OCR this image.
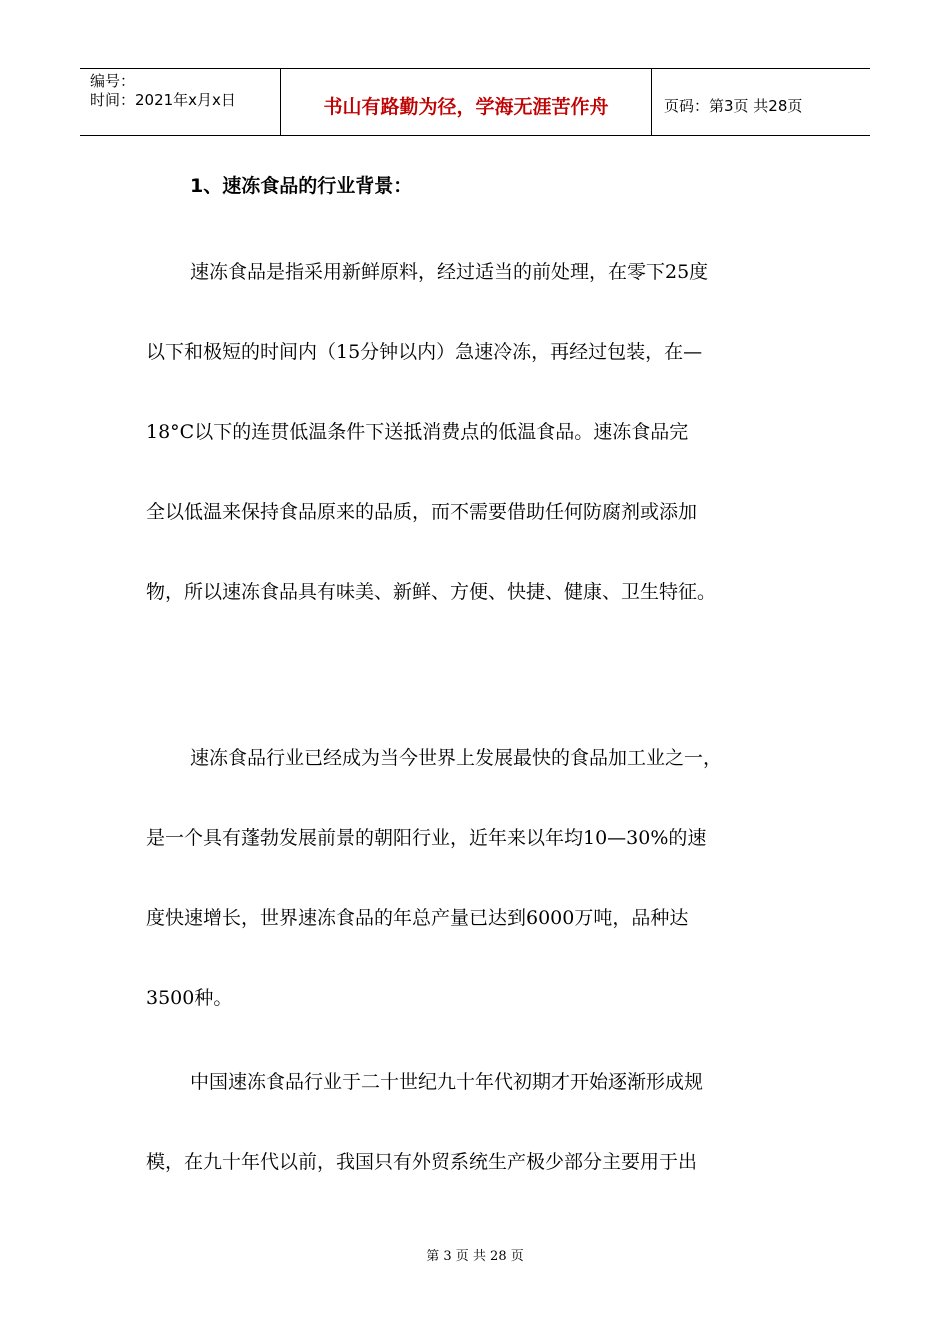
编号：
时间：2021年x月x日	书山有路勤为径，学海无涯苦作舟	页码：第3页 共28页
1、速冻食品的行业背景：
速冻食品是指采用新鲜原料，经过适当的前处理，在零下25度
以下和极短的时间内（15分钟以内）急速冷冻，再经过包装，在—
18°C以下的连贯低温条件下送抵消费点的低温食品。速冻食品完
全以低温来保持食品原来的品质，而不需要借助任何防腐剂或添加
物，所以速冻食品具有味美、新鲜、方便、快捷、健康、卫生特征。
速冻食品行业已经成为当今世界上发展最快的食品加工业之一，
是一个具有蓬勃发展前景的朝阳行业，近年来以年均10—30%的速
度快速增长，世界速冻食品的年总产量已达到6000万吨，品种达
3500种。
中国速冻食品行业于二十世纪九十年代初期才开始逐渐形成规
模，在九十年代以前，我国只有外贸系统生产极少部分主要用于出
第 3 页 共 28 页
